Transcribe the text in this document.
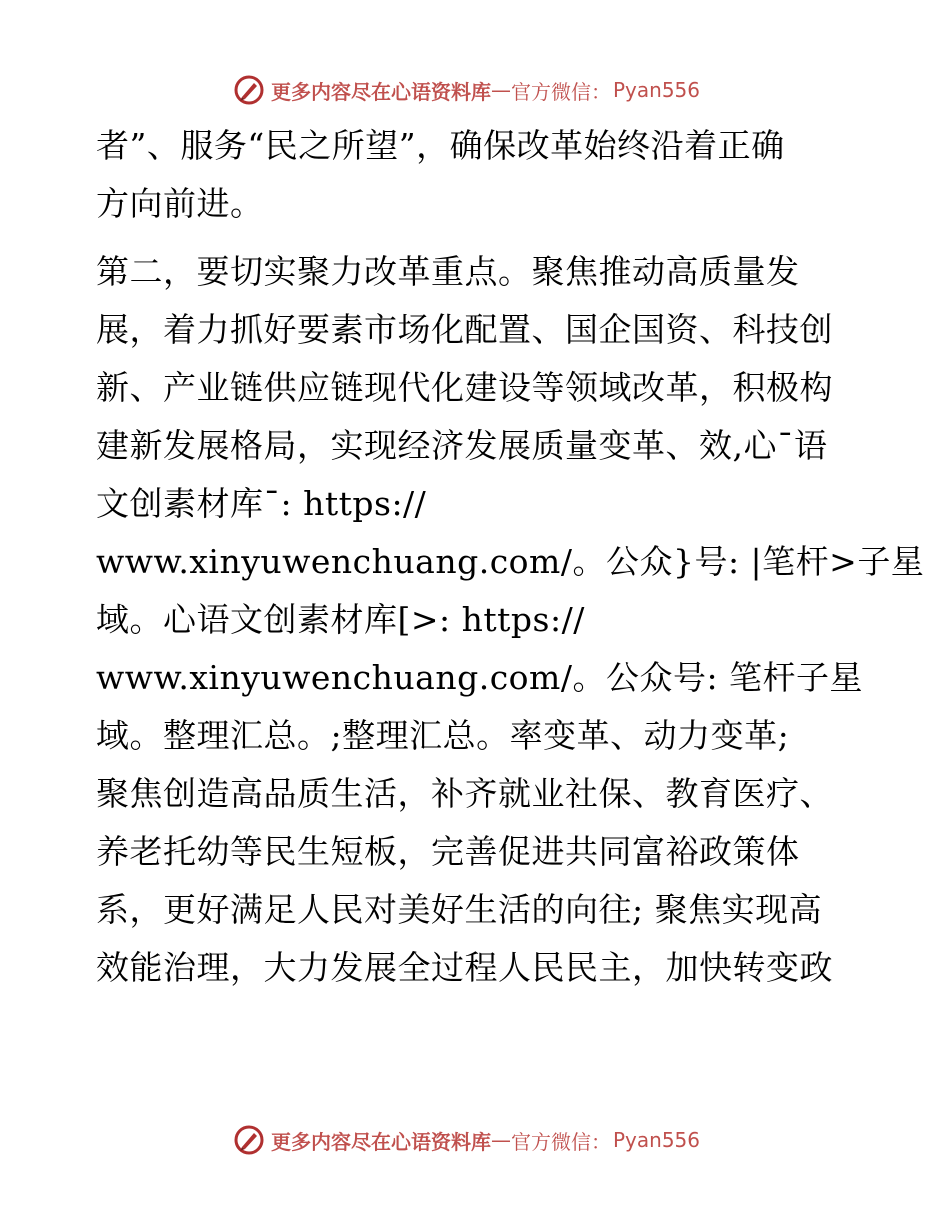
更多内容尽在心语资料库 — 官方微信： Pyan556
者”、服务“民之所望”，确保改革始终沿着正确
方向前进。
第二，要切实聚力改革重点。聚焦推动高质量发
展，着力抓好要素市场化配置、国企国资、科技创
新、产业链供应链现代化建设等领域改革，积极构
建新发展格局，实现经济发展质量变革、效,心¯语
文创素材库¯: https://
www.xinyuwenchuang.com/。公众}号: |笔杆>子星
域。心语文创素材库[>: https://
www.xinyuwenchuang.com/。公众号: 笔杆子星
域。整理汇总。;整理汇总。率变革、动力变革;
聚焦创造高品质生活，补齐就业社保、教育医疗、
养老托幼等民生短板，完善促进共同富裕政策体
系，更好满足人民对美好生活的向往; 聚焦实现高
效能治理，大力发展全过程人民民主，加快转变政
更多内容尽在心语资料库 — 官方微信： Pyan556
